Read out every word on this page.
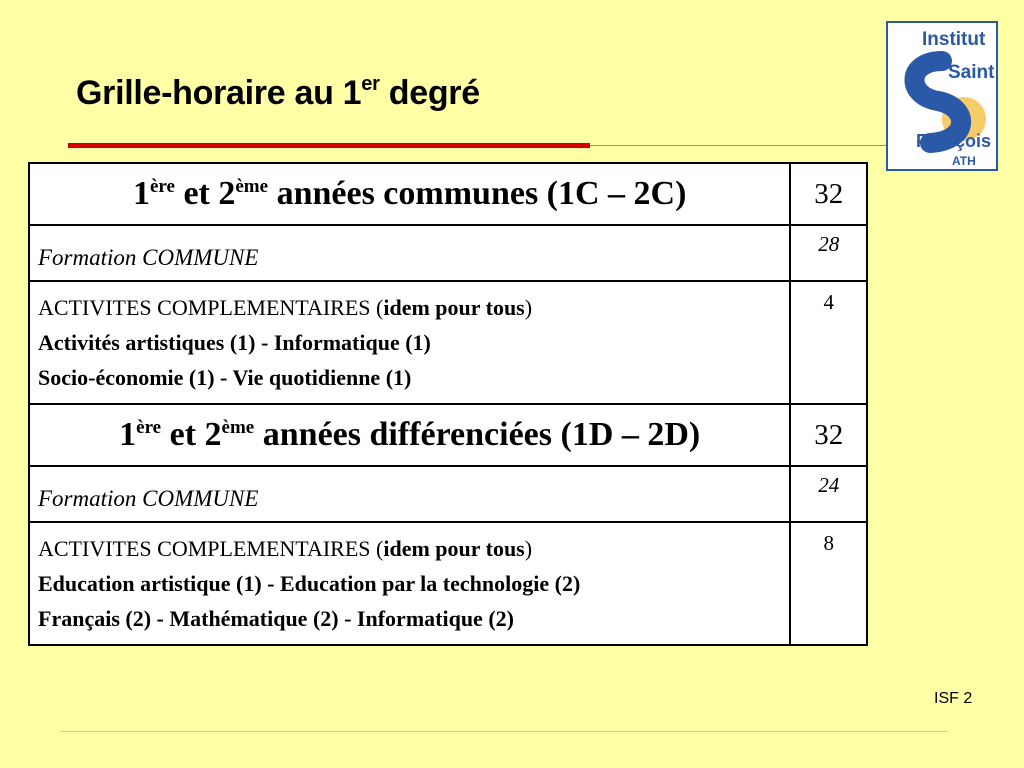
Grille-horaire au 1er degré
Institut
Saint
François
ATH
1ère et 2ème années communes (1C – 2C)	32
Formation COMMUNE	28

ACTIVITES COMPLEMENTAIRES (idem pour tous)
Activités artistiques (1) - Informatique (1)
Socio-économie (1) - Vie quotidienne (1)	4
1ère et 2ème années différenciées (1D – 2D)	32
Formation COMMUNE	24

ACTIVITES COMPLEMENTAIRES (idem pour tous)
Education artistique (1) - Education par la technologie (2)
Français (2) - Mathématique (2) - Informatique (2)	8
ISF 2
